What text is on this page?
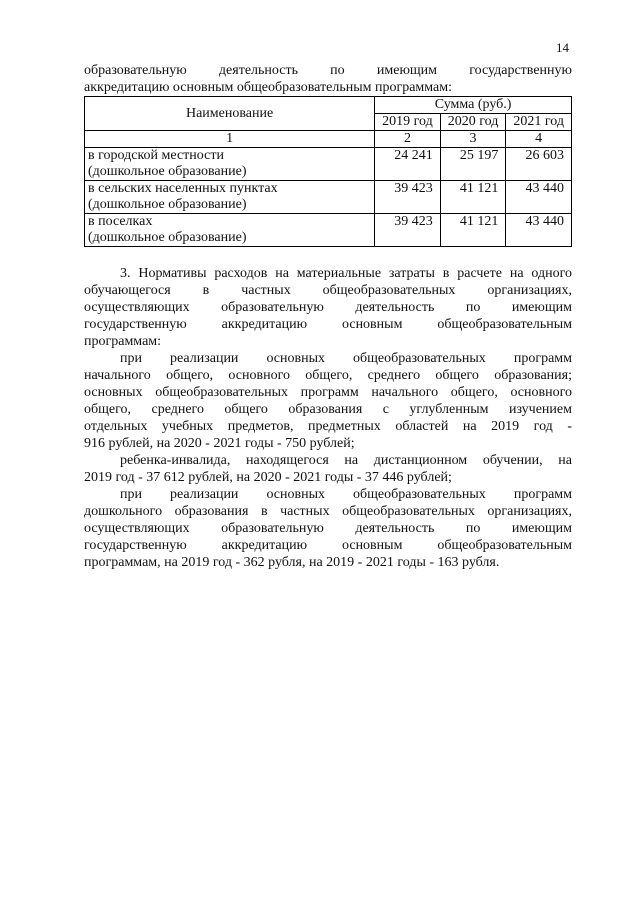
14
образовательную деятельность по имеющим государственную
аккредитацию основным общеобразовательным программам:
Наименование	Сумма (руб.)		
	2019 год	2020 год	2021 год
1	2	3	4
в городской местности
(дошкольное образование)	24 241	25 197	26 603
в сельских населенных пунктах
(дошкольное образование)	39 423	41 121	43 440
в поселках
(дошкольное образование)	39 423	41 121	43 440
3. Нормативы расходов на материальные затраты в расчете на одного
обучающегося в частных общеобразовательных организациях,
осуществляющих образовательную деятельность по имеющим
государственную аккредитацию основным общеобразовательным
программам:
при реализации основных общеобразовательных программ
начального общего, основного общего, среднего общего образования;
основных общеобразовательных программ начального общего, основного
общего, среднего общего образования с углубленным изучением
отдельных учебных предметов, предметных областей на 2019 год -
916 рублей, на 2020 - 2021 годы - 750 рублей;
ребенка-инвалида, находящегося на дистанционном обучении, на
2019 год - 37 612 рублей, на 2020 - 2021 годы - 37 446 рублей;
при реализации основных общеобразовательных программ
дошкольного образования в частных общеобразовательных организациях,
осуществляющих образовательную деятельность по имеющим
государственную аккредитацию основным общеобразовательным
программам, на 2019 год - 362 рубля, на 2019 - 2021 годы - 163 рубля.
